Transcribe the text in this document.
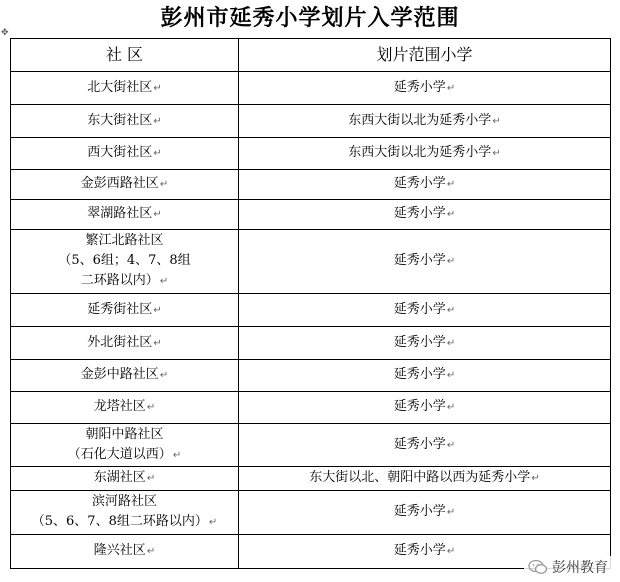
彭州市延秀小学划片入学范围
✥
社 区	划片范围小学

北大街社区↵	延秀小学↵

东大街社区↵	东西大街以北为延秀小学↵

西大街社区↵	东西大街以北为延秀小学↵

金彭西路社区↵	延秀小学↵

翠湖路社区↵	延秀小学↵

繁江北路社区
（5、6组；4、7、8组
二环路以内）↵	延秀小学↵

延秀街社区↵	延秀小学↵

外北街社区↵	延秀小学↵

金彭中路社区↵	延秀小学↵

龙塔社区↵	延秀小学↵

朝阳中路社区
（石化大道以西）↵	延秀小学↵

东湖社区↵	东大街以北、朝阳中路以西为延秀小学↵

滨河路社区
（5、6、7、8组二环路以内）↵	延秀小学↵

隆兴社区↵	延秀小学↵
彭州教育
